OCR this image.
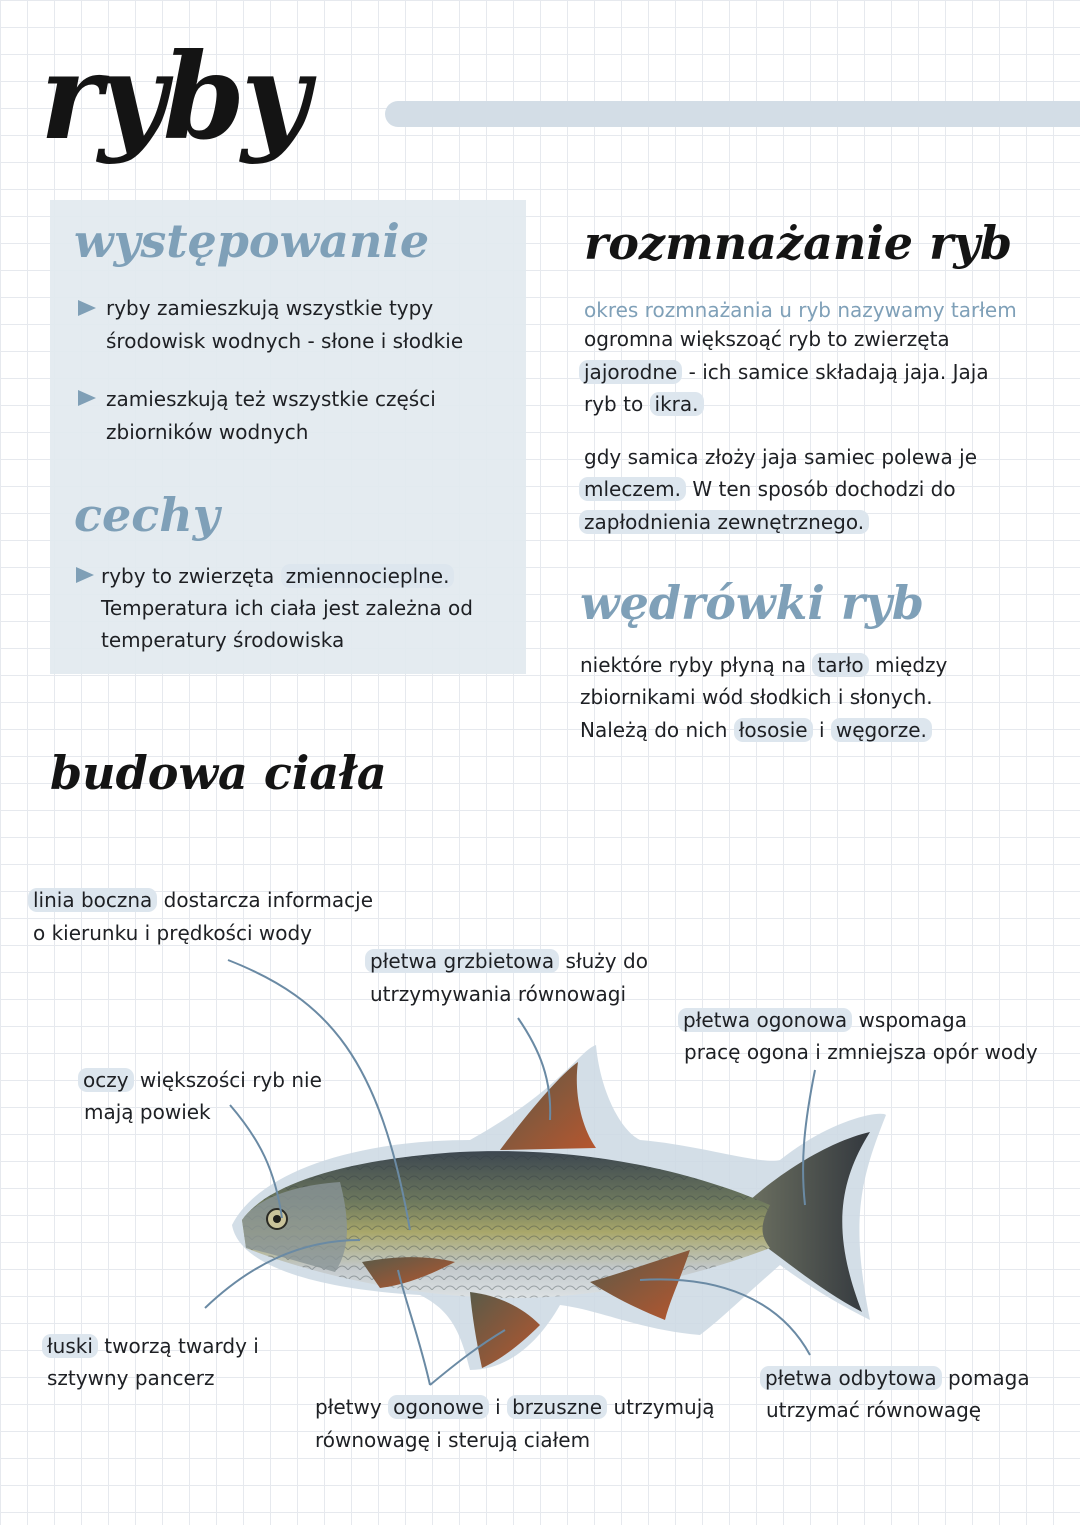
ryby
występowanie
ryby zamieszkują wszystkie typy
środowisk wodnych - słone i słodkie
zamieszkują też wszystkie części
zbiorników wodnych
cechy
ryby to zwierzęta zmiennocieplne.
Temperatura ich ciała jest zależna od
temperatury środowiska
rozmnażanie ryb
okres rozmnażania u ryb nazywamy tarłem
ogromna większoąć ryb to zwierzęta
jajorodne - ich samice składają jaja. Jaja
ryb to ikra.
gdy samica złoży jaja samiec polewa je
mleczem. W ten sposób dochodzi do
zapłodnienia zewnętrznego.
wędrówki ryb
niektóre ryby płyną na tarło między
zbiornikami wód słodkich i słonych.
Należą do nich łososie i węgorze.
budowa ciała
linia boczna dostarcza informacje
o kierunku i prędkości wody
płetwa grzbietowa służy do
utrzymywania równowagi
płetwa ogonowa wspomaga
pracę ogona i zmniejsza opór wody
oczy większości ryb nie
mają powiek
łuski tworzą twardy i
sztywny pancerz
płetwy ogonowe i brzuszne utrzymują
równowagę i sterują ciałem
płetwa odbytowa pomaga
utrzymać równowagę
